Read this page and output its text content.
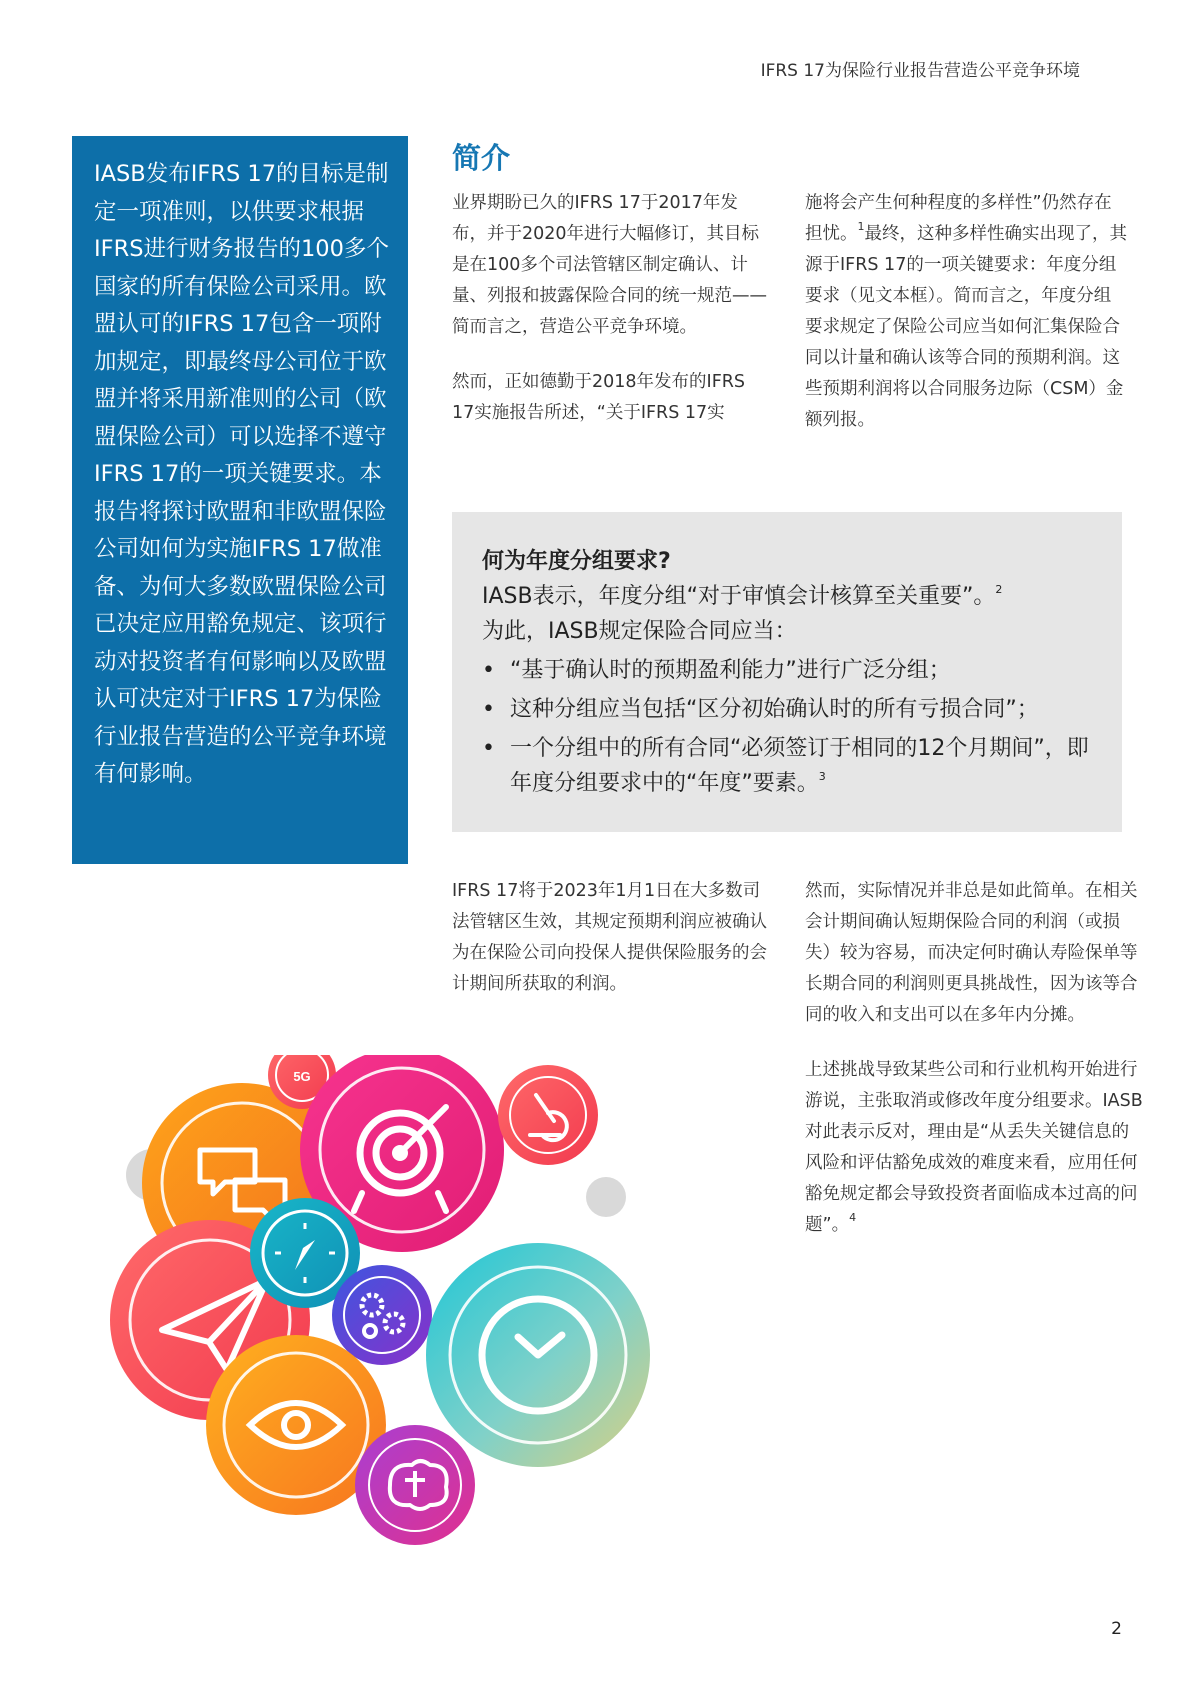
IFRS 17为保险行业报告营造公平竞争环境

IASB发布IFRS 17的目标是制定一项准则，以供要求根据IFRS进行财务报告的100多个国家的所有保险公司采用。欧盟认可的IFRS 17包含一项附加规定，即最终母公司位于欧盟并将采用新准则的公司（欧盟保险公司）可以选择不遵守IFRS 17的一项关键要求。本报告将探讨欧盟和非欧盟保险公司如何为实施IFRS 17做准备、为何大多数欧盟保险公司已决定应用豁免规定、该项行动对投资者有何影响以及欧盟认可决定对于IFRS 17为保险行业报告营造的公平竞争环境有何影响。

简介

业界期盼已久的IFRS 17于2017年发布，并于2020年进行大幅修订，其目标是在100多个司法管辖区制定确认、计量、列报和披露保险合同的统一规范——简而言之，营造公平竞争环境。

然而，正如德勤于2018年发布的IFRS 17实施报告所述，“关于IFRS 17实

施将会产生何种程度的多样性”仍然存在担忧。$^1$最终，这种多样性确实出现了，其源于IFRS 17的一项关键要求：年度分组要求（见文本框）。简而言之，年度分组要求规定了保险公司应当如何汇集保险合同以计量和确认该等合同的预期利润。这些预期利润将以合同服务边际（CSM）金额列报。

何为年度分组要求?

IASB表示，年度分组“对于审慎会计核算至关重要”。$^2$

为此，IASB规定保险合同应当：

• “基于确认时的预期盈利能力”进行广泛分组；
• 这种分组应当包括“区分初始确认时的所有亏损合同”；
• 一个分组中的所有合同“必须签订于相同的12个月期间”，即年度分组要求中的“年度”要素。$^3$

IFRS 17将于2023年1月1日在大多数司法管辖区生效，其规定预期利润应被确认为在保险公司向投保人提供保险服务的会计期间所获取的利润。

然而，实际情况并非总是如此简单。在相关会计期间确认短期保险合同的利润（或损失）较为容易，而决定何时确认寿险保单等长期合同的利润则更具挑战性，因为该等合同的收入和支出可以在多年内分摊。

上述挑战导致某些公司和行业机构开始进行游说，主张取消或修改年度分组要求。IASB对此表示反对，理由是“从丢失关键信息的风险和评估豁免成效的难度来看，应用任何豁免规定都会导致投资者面临成本过高的问题”。$^4$

5G
2
